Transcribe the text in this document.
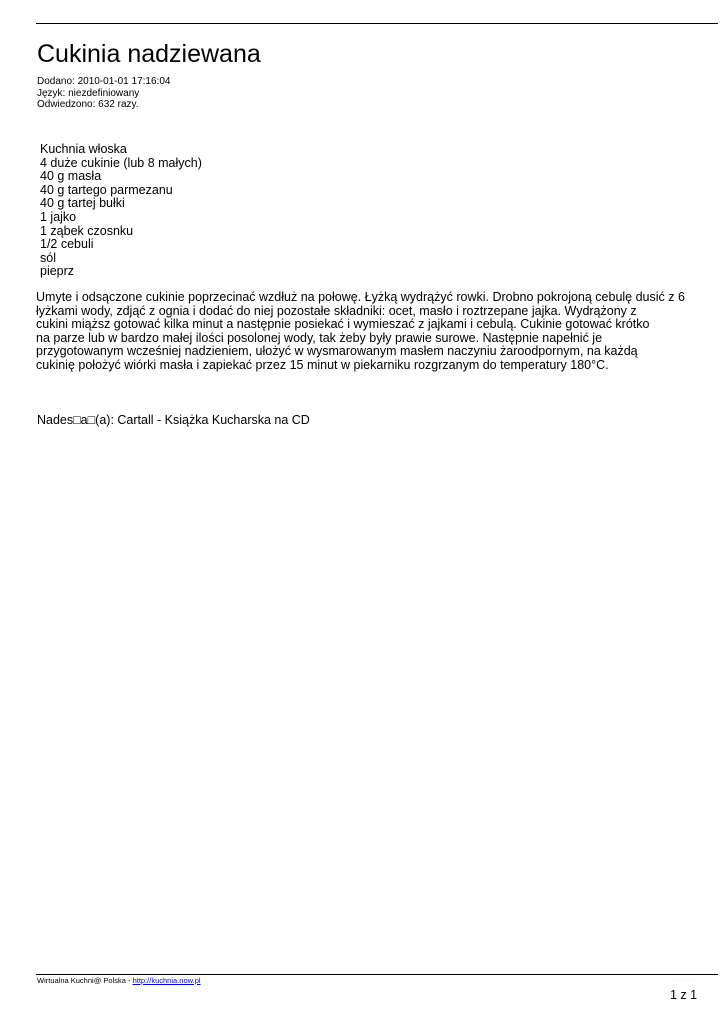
Cukinia nadziewana
Dodano: 2010-01-01 17:16:04
Język: niezdefiniowany
Odwiedzono: 632 razy.
Kuchnia włoska
4 duże cukinie (lub 8 małych)
40 g masła
40 g tartego parmezanu
40 g tartej bułki
1 jajko
1 ząbek czosnku
1/2 cebuli
sól
pieprz
Umyte i odsączone cukinie poprzecinać wzdłuż na połowę. Łyżką wydrążyć rowki. Drobno pokrojoną cebulę dusić z 6
łyżkami wody, zdjąć z ognia i dodać do niej pozostałe składniki: ocet, masło i roztrzepane jajka. Wydrążony z
cukini miąższ gotować kilka minut a następnie posiekać i wymieszać z jajkami i cebulą. Cukinie gotować krótko
na parze lub w bardzo małej ilości posolonej wody, tak żeby były prawie surowe. Następnie napełnić je
przygotowanym wcześniej nadzieniem, ułożyć w wysmarowanym masłem naczyniu żaroodpornym, na każdą
cukinię położyć wiórki masła i zapiekać przez 15 minut w piekarniku rozgrzanym do temperatury 180°C.
Nades□a□(a): Cartall - Książka Kucharska na CD
Wirtualna Kuchni@ Polska - http://kuchnia.now.pl	·······························
1 z 1
